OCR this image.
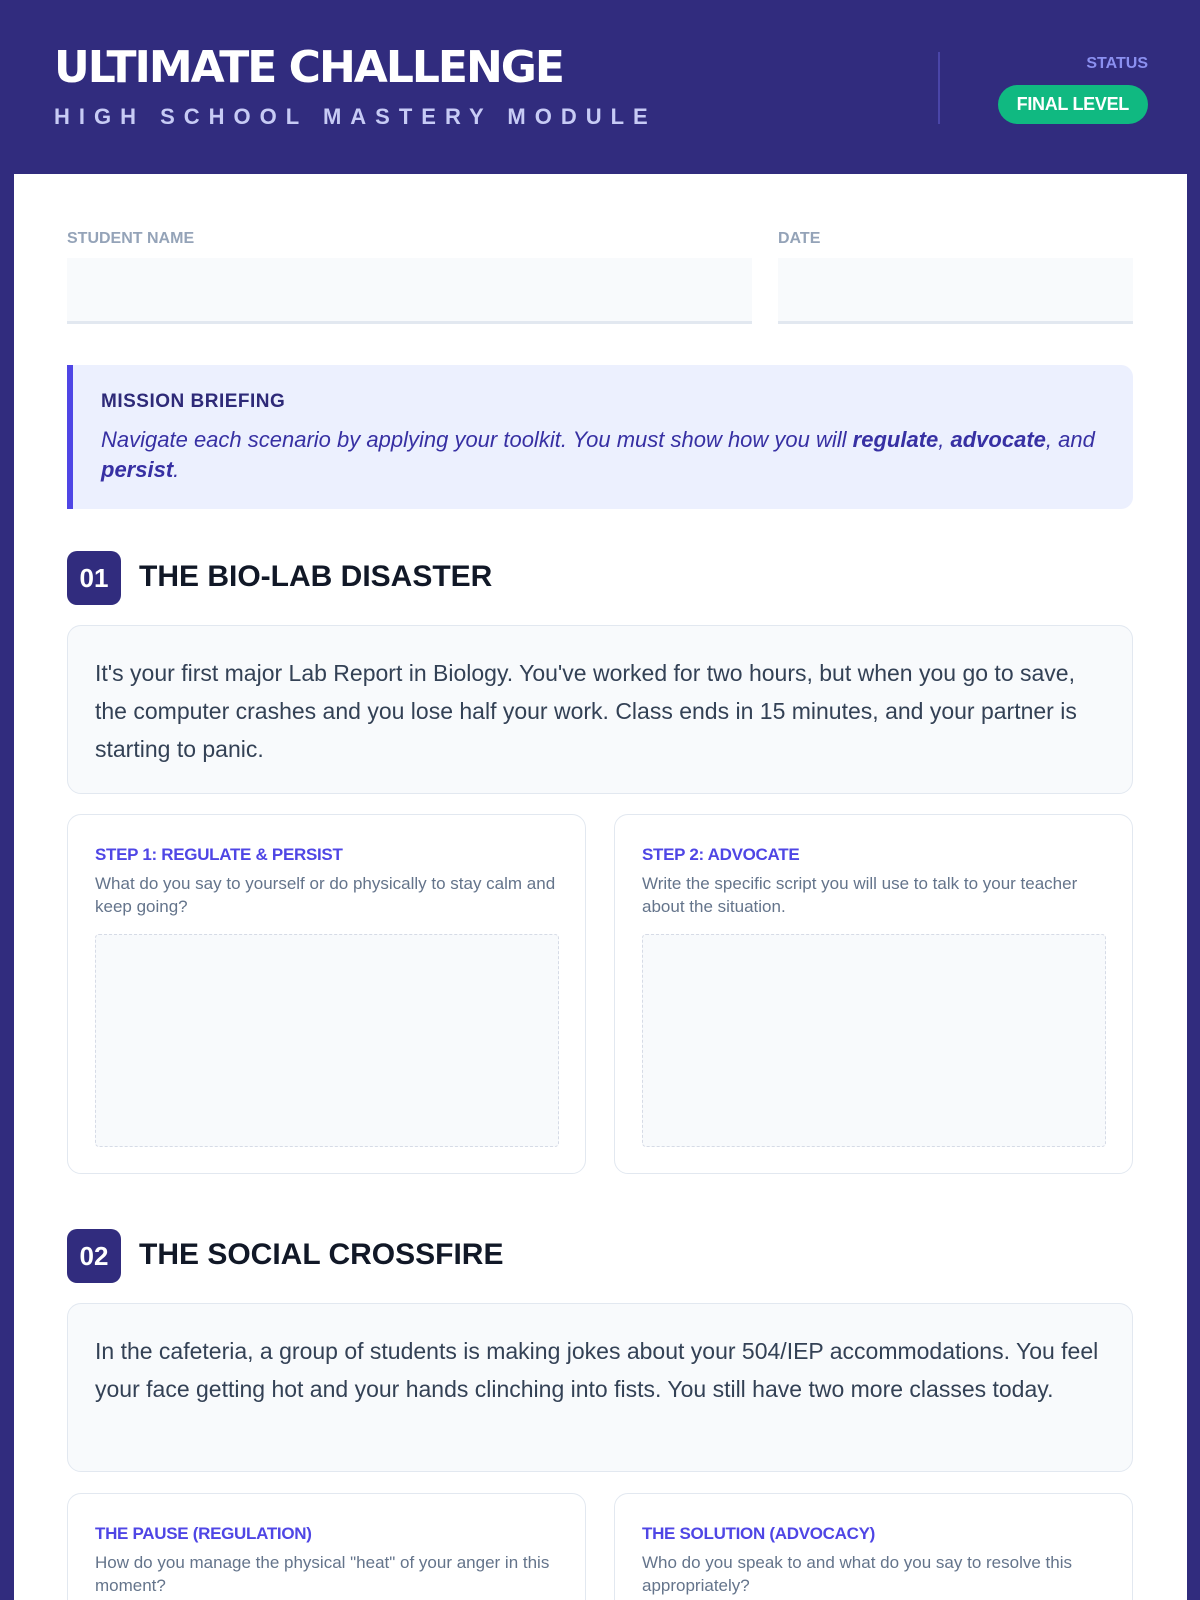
ULTIMATE CHALLENGE
HIGH SCHOOL MASTERY MODULE
STATUS
FINAL LEVEL
STUDENT NAME	DATE
MISSION BRIEFING
Navigate each scenario by applying your toolkit. You must show how you will regulate, advocate, and persist.
01	THE BIO-LAB DISASTER
It's your first major Lab Report in Biology. You've worked for two hours, but when you go to save, the computer crashes and you lose half your work. Class ends in 15 minutes, and your partner is starting to panic.
STEP 1: REGULATE & PERSIST
What do you say to yourself or do physically to stay calm and keep going?
STEP 2: ADVOCATE
Write the specific script you will use to talk to your teacher about the situation.
02	THE SOCIAL CROSSFIRE
In the cafeteria, a group of students is making jokes about your 504/IEP accommodations. You feel your face getting hot and your hands clinching into fists. You still have two more classes today.
THE PAUSE (REGULATION)
How do you manage the physical "heat" of your anger in this moment?
THE SOLUTION (ADVOCACY)
Who do you speak to and what do you say to resolve this appropriately?
